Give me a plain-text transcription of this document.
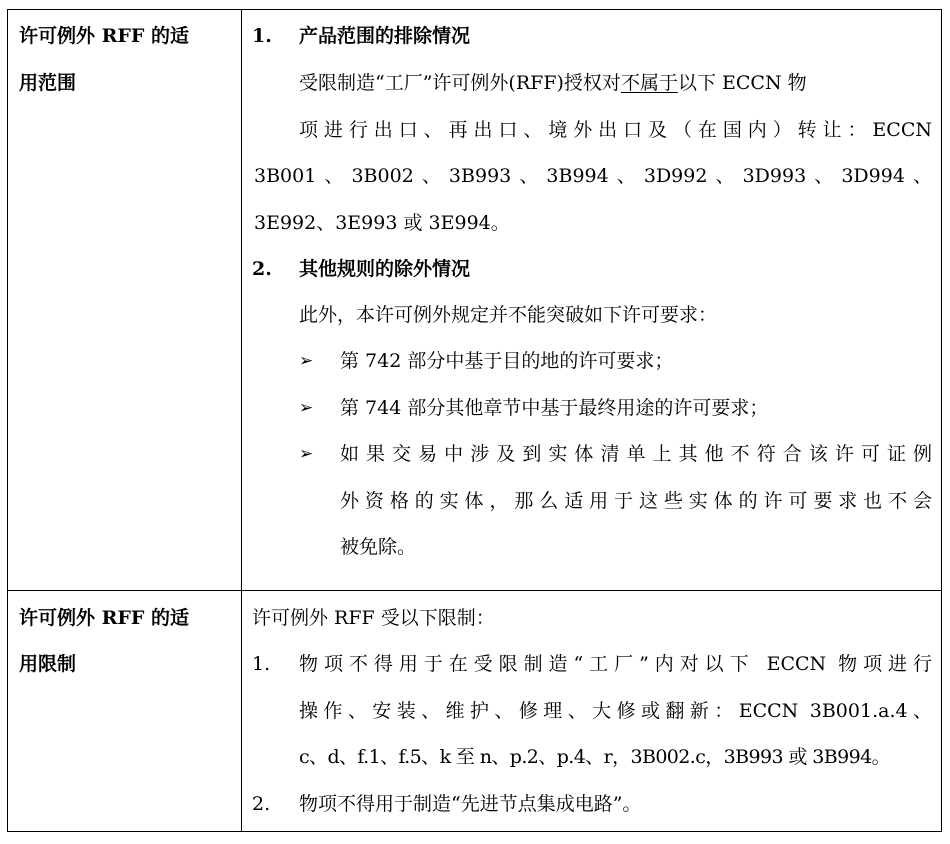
许可例外 RFF 的适
用范围
1. 产品范围的排除情况
受限制造“工厂”许可例外(RFF)授权对不属于以下 ECCN 物
项进行出口、再出口、境外出口及（在国内）转让：ECCN
3B001、3B002、3B993、3B994、3D992、3D993、3D994、
3E992、3E993 或 3E994。
2. 其他规则的除外情况
此外，本许可例外规定并不能突破如下许可要求：
➢ 第 742 部分中基于目的地的许可要求；
➢ 第 744 部分其他章节中基于最终用途的许可要求；
➢ 如果交易中涉及到实体清单上其他不符合该许可证例
外资格的实体，那么适用于这些实体的许可要求也不会
被免除。
许可例外 RFF 的适
用限制
许可例外 RFF 受以下限制：
1. 物项不得用于在受限制造“工厂”内对以下 ECCN 物项进行
操作、安装、维护、修理、大修或翻新：ECCN 3B001.a.4、
c、d、f.1、f.5、k 至 n、p.2、p.4、r，3B002.c，3B993 或 3B994。
2. 物项不得用于制造“先进节点集成电路”。
